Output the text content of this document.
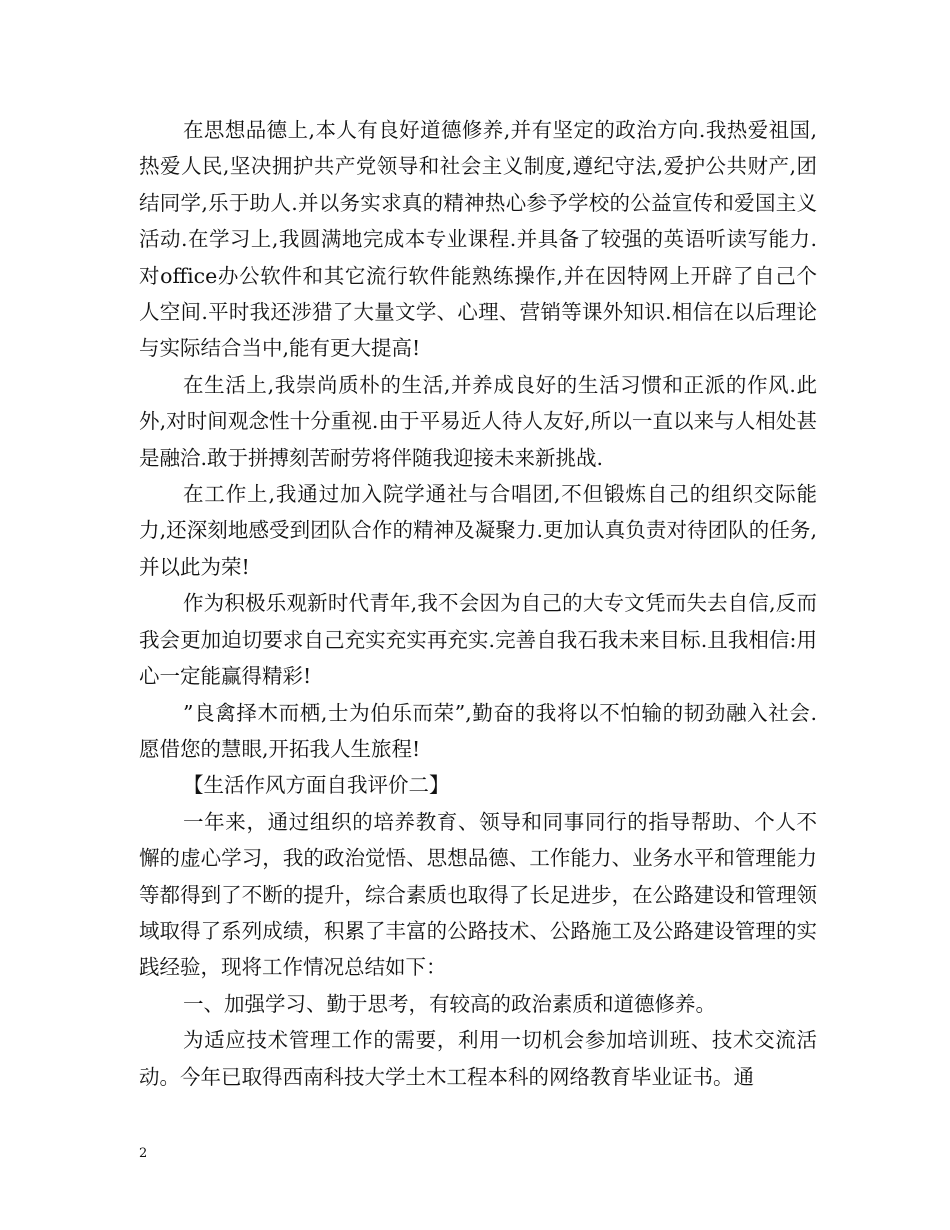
在思想品德上,本人有良好道德修养,并有坚定的政治方向.我热爱祖国,热爱人民,坚决拥护共产党领导和社会主义制度,遵纪守法,爱护公共财产,团结同学,乐于助人.并以务实求真的精神热心参予学校的公益宣传和爱国主义活动.在学习上,我圆满地完成本专业课程.并具备了较强的英语听读写能力.对office办公软件和其它流行软件能熟练操作,并在因特网上开辟了自己个人空间.平时我还涉猎了大量文学、心理、营销等课外知识.相信在以后理论与实际结合当中,能有更大提高!

在生活上,我崇尚质朴的生活,并养成良好的生活习惯和正派的作风.此外,对时间观念性十分重视.由于平易近人待人友好,所以一直以来与人相处甚是融洽.敢于拼搏刻苦耐劳将伴随我迎接未来新挑战.

在工作上,我通过加入院学通社与合唱团,不但锻炼自己的组织交际能力,还深刻地感受到团队合作的精神及凝聚力.更加认真负责对待团队的任务,并以此为荣!

作为积极乐观新时代青年,我不会因为自己的大专文凭而失去自信,反而我会更加迫切要求自己充实充实再充实.完善自我石我未来目标.且我相信:用心一定能赢得精彩!

”良禽择木而栖,士为伯乐而荣”,勤奋的我将以不怕输的韧劲融入社会.愿借您的慧眼,开拓我人生旅程!

【生活作风方面自我评价二】

一年来，通过组织的培养教育、领导和同事同行的指导帮助、个人不懈的虚心学习，我的政治觉悟、思想品德、工作能力、业务水平和管理能力等都得到了不断的提升，综合素质也取得了长足进步，在公路建设和管理领域取得了系列成绩，积累了丰富的公路技术、公路施工及公路建设管理的实践经验，现将工作情况总结如下：

一、加强学习、勤于思考，有较高的政治素质和道德修养。

为适应技术管理工作的需要，利用一切机会参加培训班、技术交流活动。今年已取得西南科技大学土木工程本科的网络教育毕业证书。通

2
